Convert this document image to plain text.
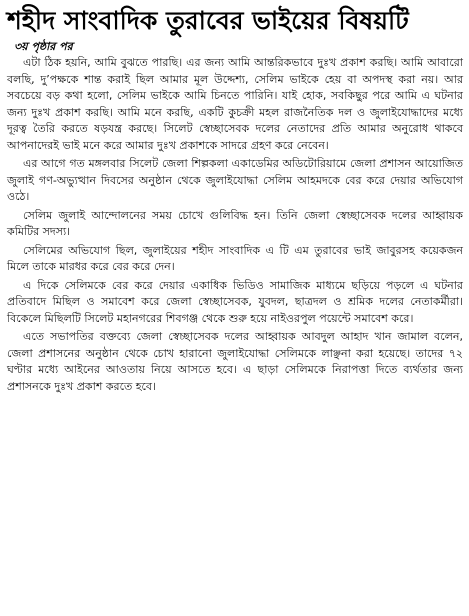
শহীদ সাংবাদিক তুরাবের ভাইয়ের বিষয়টি
৩য় পৃষ্ঠার পর

এটা ঠিক হয়নি, আমি বুঝতে পারছি। এর জন্য আমি আন্তরিকভাবে দুঃখ প্রকাশ করছি। আমি আবারো বলছি, দু’পক্ষকে শান্ত করাই ছিল আমার মূল উদ্দেশ্য, সেলিম ভাইকে হেয় বা অপদস্থ করা নয়। আর সবচেয়ে বড় কথা হলো, সেলিম ভাইকে আমি চিনতে পারিনি। যাই হোক, সবকিছুর পরে আমি এ ঘটনার জন্য দুঃখ প্রকাশ করছি। আমি মনে করছি, একটি কুচক্রী মহল রাজনৈতিক দল ও জুলাইযোদ্ধাদের মধ্যে দূরত্ব তৈরি করতে ষড়যন্ত্র করছে। সিলেট স্বেচ্ছাসেবক দলের নেতাদের প্রতি আমার অনুরোধ থাকবে আপনাদেরই ভাই মনে করে আমার দুঃখ প্রকাশকে সাদরে গ্রহণ করে নেবেন।

এর আগে গত মঙ্গলবার সিলেট জেলা শিল্পকলা একাডেমির অডিটোরিয়ামে জেলা প্রশাসন আয়োজিত জুলাই গণ-অভ্যুত্থান দিবসের অনুষ্ঠান থেকে জুলাইযোদ্ধা সেলিম আহমদকে বের করে দেয়ার অভিযোগ ওঠে।

সেলিম জুলাই আন্দোলনের সময় চোখে গুলিবিদ্ধ হন। তিনি জেলা স্বেচ্ছাসেবক দলের আহ্বায়ক কমিটির সদস্য।

সেলিমের অভিযোগ ছিল, জুলাইয়ের শহীদ সাংবাদিক এ টি এম তুরাবের ভাই জাবুরসহ কয়েকজন মিলে তাকে মারধর করে বের করে দেন।

এ দিকে সেলিমকে বের করে দেয়ার একাধিক ভিডিও সামাজিক মাধ্যমে ছড়িয়ে পড়লে এ ঘটনার প্রতিবাদে মিছিল ও সমাবেশ করে জেলা স্বেচ্ছাসেবক, যুবদল, ছাত্রদল ও শ্রমিক দলের নেতাকর্মীরা। বিকেলে মিছিলটি সিলেট মহানগরের শিবগঞ্জ থেকে শুরু হয়ে নাইওরপুল পয়েন্টে সমাবেশ করে।

এতে সভাপতির বক্তব্যে জেলা স্বেচ্ছাসেবক দলের আহ্বায়ক আবদুল আহাদ খান জামাল বলেন, জেলা প্রশাসনের অনুষ্ঠান থেকে চোখ হারানো জুলাইযোদ্ধা সেলিমকে লাঞ্ছনা করা হয়েছে। তাদের ৭২ ঘণ্টার মধ্যে আইনের আওতায় নিয়ে আসতে হবে। এ ছাড়া সেলিমকে নিরাপত্তা দিতে ব্যর্থতার জন্য প্রশাসনকে দুঃখ প্রকাশ করতে হবে।
